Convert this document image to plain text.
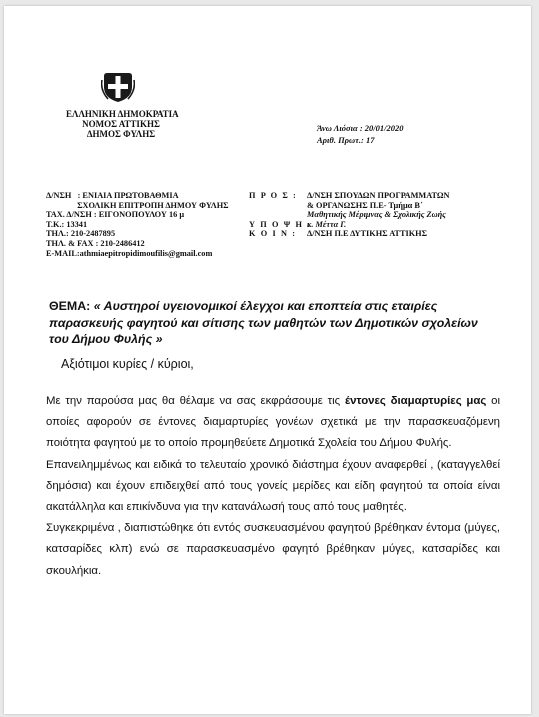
ΕΛΛΗΝΙΚΗ ΔΗΜΟΚΡΑΤΙΑ
ΝΟΜΟΣ ΑΤΤΙΚΗΣ
ΔΗΜΟΣ ΦΥΛΗΣ
Άνω Λιόσια : 20/01/2020
Αριθ. Πρωτ.: 17
Δ/ΝΣΗ   : ΕΝΙΑΙΑ ΠΡΩΤΟΒΑΘΜΙΑ
ΣΧΟΛΙΚΗ ΕΠΙΤΡΟΠΗ ΔΗΜΟΥ ΦΥΛΗΣ
ΤΑΧ. Δ/ΝΣΗ : ΕΙΓΟΝΟΠΟΥΛΟΥ 16 μ
Τ.Κ.: 13341
ΤΗΛ.: 210-2487895
ΤΗΛ. & FAX : 210-2486412
E-MAIL:athmiaepitropidimoufilis@gmail.com
Π Ρ Ο Σ :	Δ/ΝΣΗ ΣΠΟΥΔΩΝ ΠΡΟΓΡΑΜΜΑΤΩΝ
& ΟΡΓΑΝΩΣΗΣ Π.Ε- Τμήμα Β΄
Μαθητικής Μέριμνας & Σχολικής Ζωής
Υ Π Ο Ψ Η :
κ. Μέττα Γ.
Κ Ο Ι Ν :	Δ/ΝΣΗ Π.Ε ΔΥΤΙΚΗΣ ΑΤΤΙΚΗΣ
ΘΕΜΑ: « Αυστηροί υγειονομικοί έλεγχοι και εποπτεία στις εταιρίες παρασκευής φαγητού και σίτισης των μαθητών των Δημοτικών σχολείων του Δήμου Φυλής »
Αξιότιμοι κυρίες / κύριοι,

Με την παρούσα μας θα θέλαμε να σας εκφράσουμε τις έντονες διαμαρτυρίες μας οι οποίες αφορούν σε έντονες διαμαρτυρίες γονέων σχετικά με την παρασκευαζόμενη ποιότητα φαγητού με το οποίο προμηθεύετε Δημοτικά Σχολεία του Δήμου Φυλής.

Επανειλημμένως και ειδικά το τελευταίο χρονικό διάστημα έχουν αναφερθεί , (καταγγελθεί δημόσια) και έχουν επιδειχθεί από τους γονείς μερίδες και είδη φαγητού τα οποία είναι ακατάλληλα και επικίνδυνα για την κατανάλωσή τους από τους μαθητές.

Συγκεκριμένα , διαπιστώθηκε ότι εντός συσκευασμένου φαγητού βρέθηκαν έντομα (μύγες, κατσαρίδες κλπ) ενώ σε παρασκευασμένο φαγητό βρέθηκαν μύγες, κατσαρίδες και σκουλήκια.
